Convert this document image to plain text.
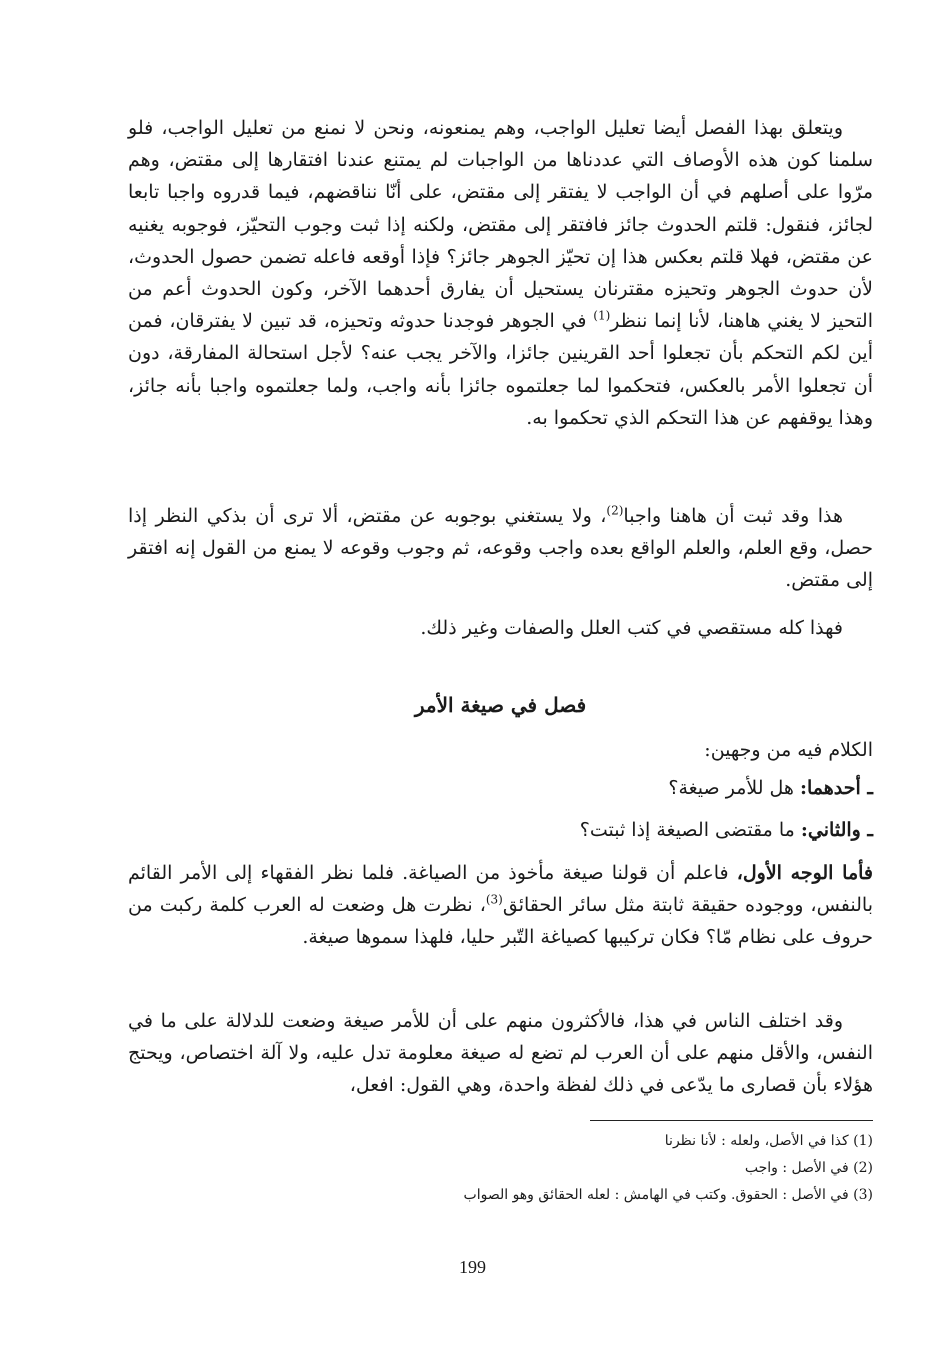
ويتعلق بهذا الفصل أيضا تعليل الواجب، وهم يمنعونه، ونحن لا نمنع من تعليل الواجب، فلو سلمنا كون هذه الأوصاف التي عددناها من الواجبات لم يمتنع عندنا افتقارها إلى مقتض، وهم مرّوا على أصلهم في أن الواجب لا يفتقر إلى مقتض، على أنّا نناقضهم، فيما قدروه واجبا تابعا لجائز، فنقول: قلتم الحدوث جائز فافتقر إلى مقتض، ولكنه إذا ثبت وجوب التحيّز، فوجوبه يغنيه عن مقتض، فهلا قلتم بعكس هذا إن تحيّز الجوهر جائز؟ فإذا أوقعه فاعله تضمن حصول الحدوث، لأن حدوث الجوهر وتحيزه مقترنان يستحيل أن يفارق أحدهما الآخر، وكون الحدوث أعم من التحيز لا يغني هاهنا، لأنا إنما ننظر$^{(1)}$ في الجوهر فوجدنا حدوثه وتحيزه، قد تبين لا يفترقان، فمن أين لكم التحكم بأن تجعلوا أحد القرينين جائزا، والآخر يجب عنه؟ لأجل استحالة المفارقة، دون أن تجعلوا الأمر بالعكس، فتحكموا لما جعلتموه جائزا بأنه واجب، ولما جعلتموه واجبا بأنه جائز، وهذا يوقفهم عن هذا التحكم الذي تحكموا به.

هذا وقد ثبت أن هاهنا واجبا$^{(2)}$، ولا يستغني بوجوبه عن مقتض، ألا ترى أن بذكي النظر إذا حصل، وقع العلم، والعلم الواقع بعده واجب وقوعه، ثم وجوب وقوعه لا يمنع من القول إنه افتقر إلى مقتض.

فهذا كله مستقصي في كتب العلل والصفات وغير ذلك.

فصل في صيغة الأمر
الكلام فيه من وجهين:
ـ أحدهما: هل للأمر صيغة؟
ـ والثاني: ما مقتضى الصيغة إذا ثبتت؟

فأما الوجه الأول، فاعلم أن قولنا صيغة مأخوذ من الصياغة. فلما نظر الفقهاء إلى الأمر القائم بالنفس، ووجوده حقيقة ثابتة مثل سائر الحقائق$^{(3)}$، نظرت هل وضعت له العرب كلمة ركبت من حروف على نظام مّا؟ فكان تركيبها كصياغة التّبر حليا، فلهذا سموها صيغة.

وقد اختلف الناس في هذا، فالأكثرون منهم على أن للأمر صيغة وضعت للدلالة على ما في النفس، والأقل منهم على أن العرب لم تضع له صيغة معلومة تدل عليه، ولا آلة اختصاص، ويحتج هؤلاء بأن قصارى ما يدّعى في ذلك لفظة واحدة، وهي القول: افعل،

(1) كذا في الأصل، ولعله : لأنا نظرنا

(2) في الأصل : واجب

(3) في الأصل : الحقوق. وكتب في الهامش : لعله الحقائق وهو الصواب

199
